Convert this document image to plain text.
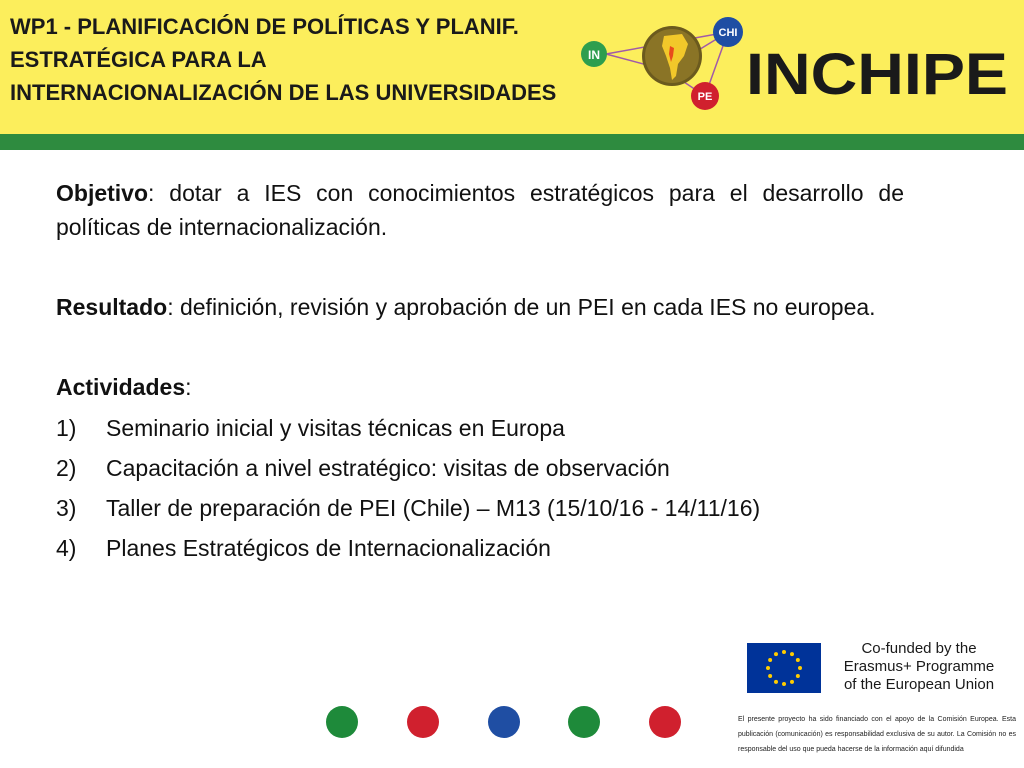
WP1 - PLANIFICACIÓN DE POLÍTICAS Y PLANIF.
ESTRATÉGICA PARA LA
INTERNACIONALIZACIÓN DE LAS UNIVERSIDADES
IN
CHI
PE INCHIPE

Objetivo: dotar a IES con conocimientos estratégicos para el desarrollo de políticas de internacionalización.

Resultado: definición, revisión y aprobación de un PEI en cada IES no europea.

Actividades:
1)	Seminario inicial y visitas técnicas en Europa
2)	Capacitación a nivel estratégico: visitas de observación
3)	Taller de preparación de PEI (Chile) – M13 (15/10/16 - 14/11/16)
4)	Planes Estratégicos de Internacionalización
Co-funded by the
Erasmus+ Programme
of the European Union
El presente proyecto ha sido financiado con el apoyo de la Comisión Europea. Esta publicación (comunicación) es responsabilidad exclusiva de su autor. La Comisión no es responsable del uso que pueda hacerse de la información aquí difundida
